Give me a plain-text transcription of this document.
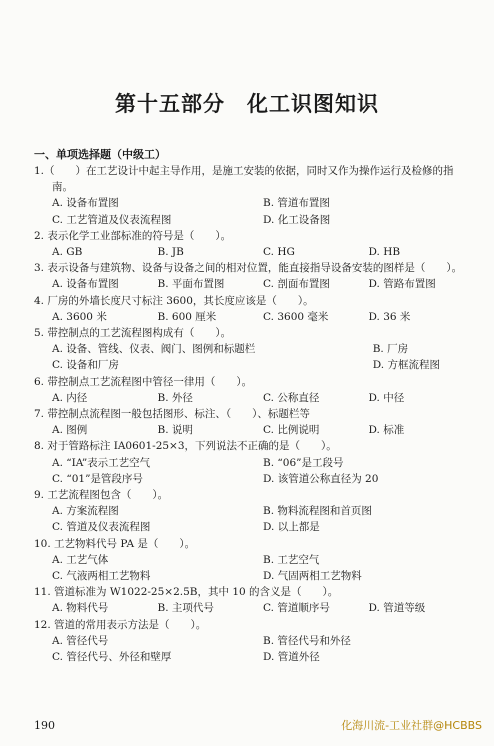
第十五部分　化工识图知识
一、单项选择题（中级工）
1.（　　）在工艺设计中起主导作用，是施工安装的依据，同时又作为操作运行及检修的指南。
A. 设备布置图	B. 管道布置图
C. 工艺管道及仪表流程图	D. 化工设备图
2. 表示化学工业部标准的符号是（　　）。
A. GB	B. JB	C. HG	D. HB
3. 表示设备与建筑物、设备与设备之间的相对位置，能直接指导设备安装的图样是（　　）。
A. 设备布置图	B. 平面布置图	C. 剖面布置图	D. 管路布置图
4. 厂房的外墙长度尺寸标注 3600，其长度应该是（　　）。
A. 3600 米	B. 600 厘米	C. 3600 毫米	D. 36 米
5. 带控制点的工艺流程图构成有（　　）。
A. 设备、管线、仪表、阀门、图例和标题栏	B. 厂房
C. 设备和厂房	D. 方框流程图
6. 带控制点工艺流程图中管径一律用（　　）。
A. 内径	B. 外径	C. 公称直径	D. 中径
7. 带控制点流程图一般包括图形、标注、（　　）、标题栏等
A. 图例	B. 说明	C. 比例说明	D. 标准
8. 对于管路标注 IA0601-25×3，下列说法不正确的是（　　）。
A. “IA”表示工艺空气	B. “06”是工段号
C. “01”是管段序号	D. 该管道公称直径为 20
9. 工艺流程图包含（　　）。
A. 方案流程图	B. 物料流程图和首页图
C. 管道及仪表流程图	D. 以上都是
10. 工艺物料代号 PA 是（　　）。
A. 工艺气体	B. 工艺空气
C. 气液两相工艺物料	D. 气固两相工艺物料
11. 管道标准为 W1022-25×2.5B，其中 10 的含义是（　　）。
A. 物料代号	B. 主项代号	C. 管道顺序号	D. 管道等级
12. 管道的常用表示方法是（　　）。
A. 管径代号	B. 管径代号和外径
C. 管径代号、外径和壁厚	D. 管道外径
190	化海川流-工业社群@HCBBS
